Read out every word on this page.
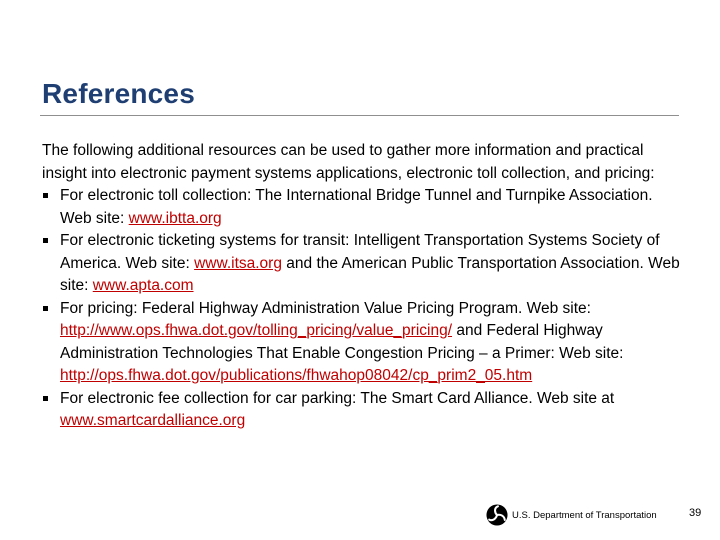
References

The following additional resources can be used to gather more information and practical insight into electronic payment systems applications, electronic toll collection, and pricing:

For electronic toll collection: The International Bridge Tunnel and Turnpike Association. Web site: www.ibtta.org
For electronic ticketing systems for transit: Intelligent Transportation Systems Society of America. Web site: www.itsa.org and the American Public Transportation Association. Web site: www.apta.com
For pricing: Federal Highway Administration Value Pricing Program. Web site: http://www.ops.fhwa.dot.gov/tolling_pricing/value_pricing/ and Federal Highway Administration Technologies That Enable Congestion Pricing – a Primer: Web site: http://ops.fhwa.dot.gov/publications/fhwahop08042/cp_prim2_05.htm
For electronic fee collection for car parking: The Smart Card Alliance. Web site at www.smartcardalliance.org
U.S. Department of Transportation	39
